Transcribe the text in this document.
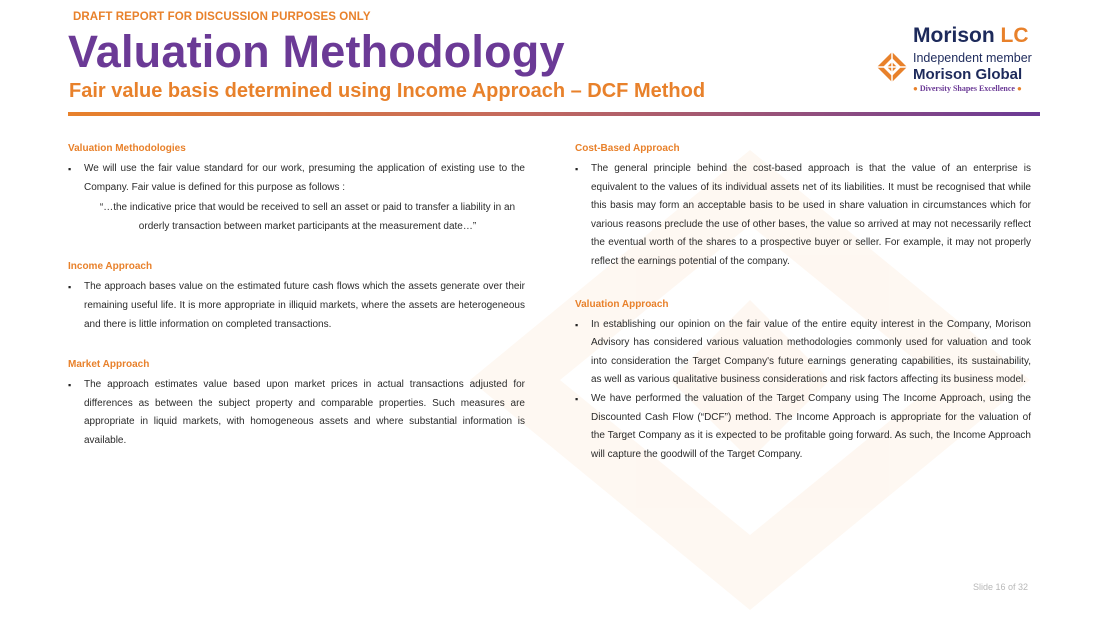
DRAFT REPORT FOR DISCUSSION PURPOSES ONLY
Valuation Methodology
Fair value basis determined using Income Approach – DCF Method
Morison LC
Independent member
Morison Global
● Diversity Shapes Excellence ●
Valuation Methodologies
▪ We will use the fair value standard for our work, presuming the application of existing use to the Company. Fair value is defined for this purpose as follows :
“…the indicative price that would be received to sell an asset or paid to transfer a liability in an orderly transaction between market participants at the measurement date…”
Income Approach
▪ The approach bases value on the estimated future cash flows which the assets generate over their remaining useful life. It is more appropriate in illiquid markets, where the assets are heterogeneous and there is little information on completed transactions.
Market Approach
▪ The approach estimates value based upon market prices in actual transactions adjusted for differences as between the subject property and comparable properties. Such measures are appropriate in liquid markets, with homogeneous assets and where substantial information is available.
Cost-Based Approach
▪ The general principle behind the cost-based approach is that the value of an enterprise is equivalent to the values of its individual assets net of its liabilities. It must be recognised that while this basis may form an acceptable basis to be used in share valuation in circumstances which for various reasons preclude the use of other bases, the value so arrived at may not necessarily reflect the eventual worth of the shares to a prospective buyer or seller. For example, it may not properly reflect the earnings potential of the company.
Valuation Approach
▪ In establishing our opinion on the fair value of the entire equity interest in the Company, Morison Advisory has considered various valuation methodologies commonly used for valuation and took into consideration the Target Company's future earnings generating capabilities, its sustainability, as well as various qualitative business considerations and risk factors affecting its business model.
▪ We have performed the valuation of the Target Company using The Income Approach, using the Discounted Cash Flow (“DCF”) method. The Income Approach is appropriate for the valuation of the Target Company as it is expected to be profitable going forward. As such, the Income Approach will capture the goodwill of the Target Company.
Slide 16 of 32
